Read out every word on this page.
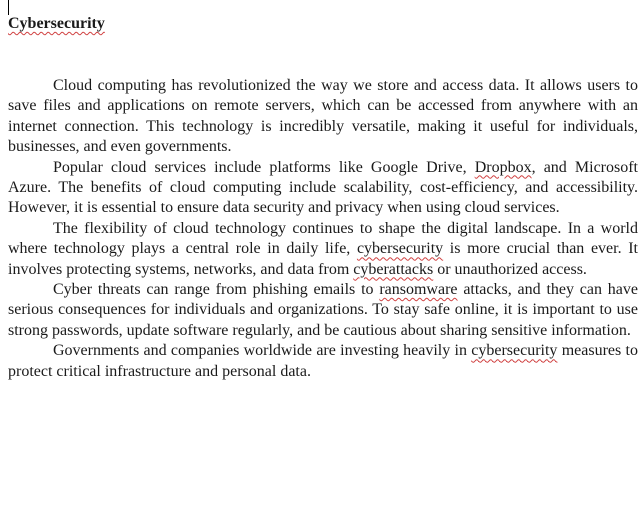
Cybersecurity

Cloud computing has revolutionized the way we store and access data. It allows users to save files and applications on remote servers, which can be accessed from anywhere with an internet connection. This technology is incredibly versatile, making it useful for individuals, businesses, and even governments.

Popular cloud services include platforms like Google Drive, Dropbox, and Microsoft Azure. The benefits of cloud computing include scalability, cost-efficiency, and accessibility. However, it is essential to ensure data security and privacy when using cloud services.

The flexibility of cloud technology continues to shape the digital landscape. In a world where technology plays a central role in daily life, cybersecurity is more crucial than ever. It involves protecting systems, networks, and data from cyberattacks or unauthorized access.

Cyber threats can range from phishing emails to ransomware attacks, and they can have serious consequences for individuals and organizations. To stay safe online, it is important to use strong passwords, update software regularly, and be cautious about sharing sensitive information.

Governments and companies worldwide are investing heavily in cybersecurity measures to protect critical infrastructure and personal data.
